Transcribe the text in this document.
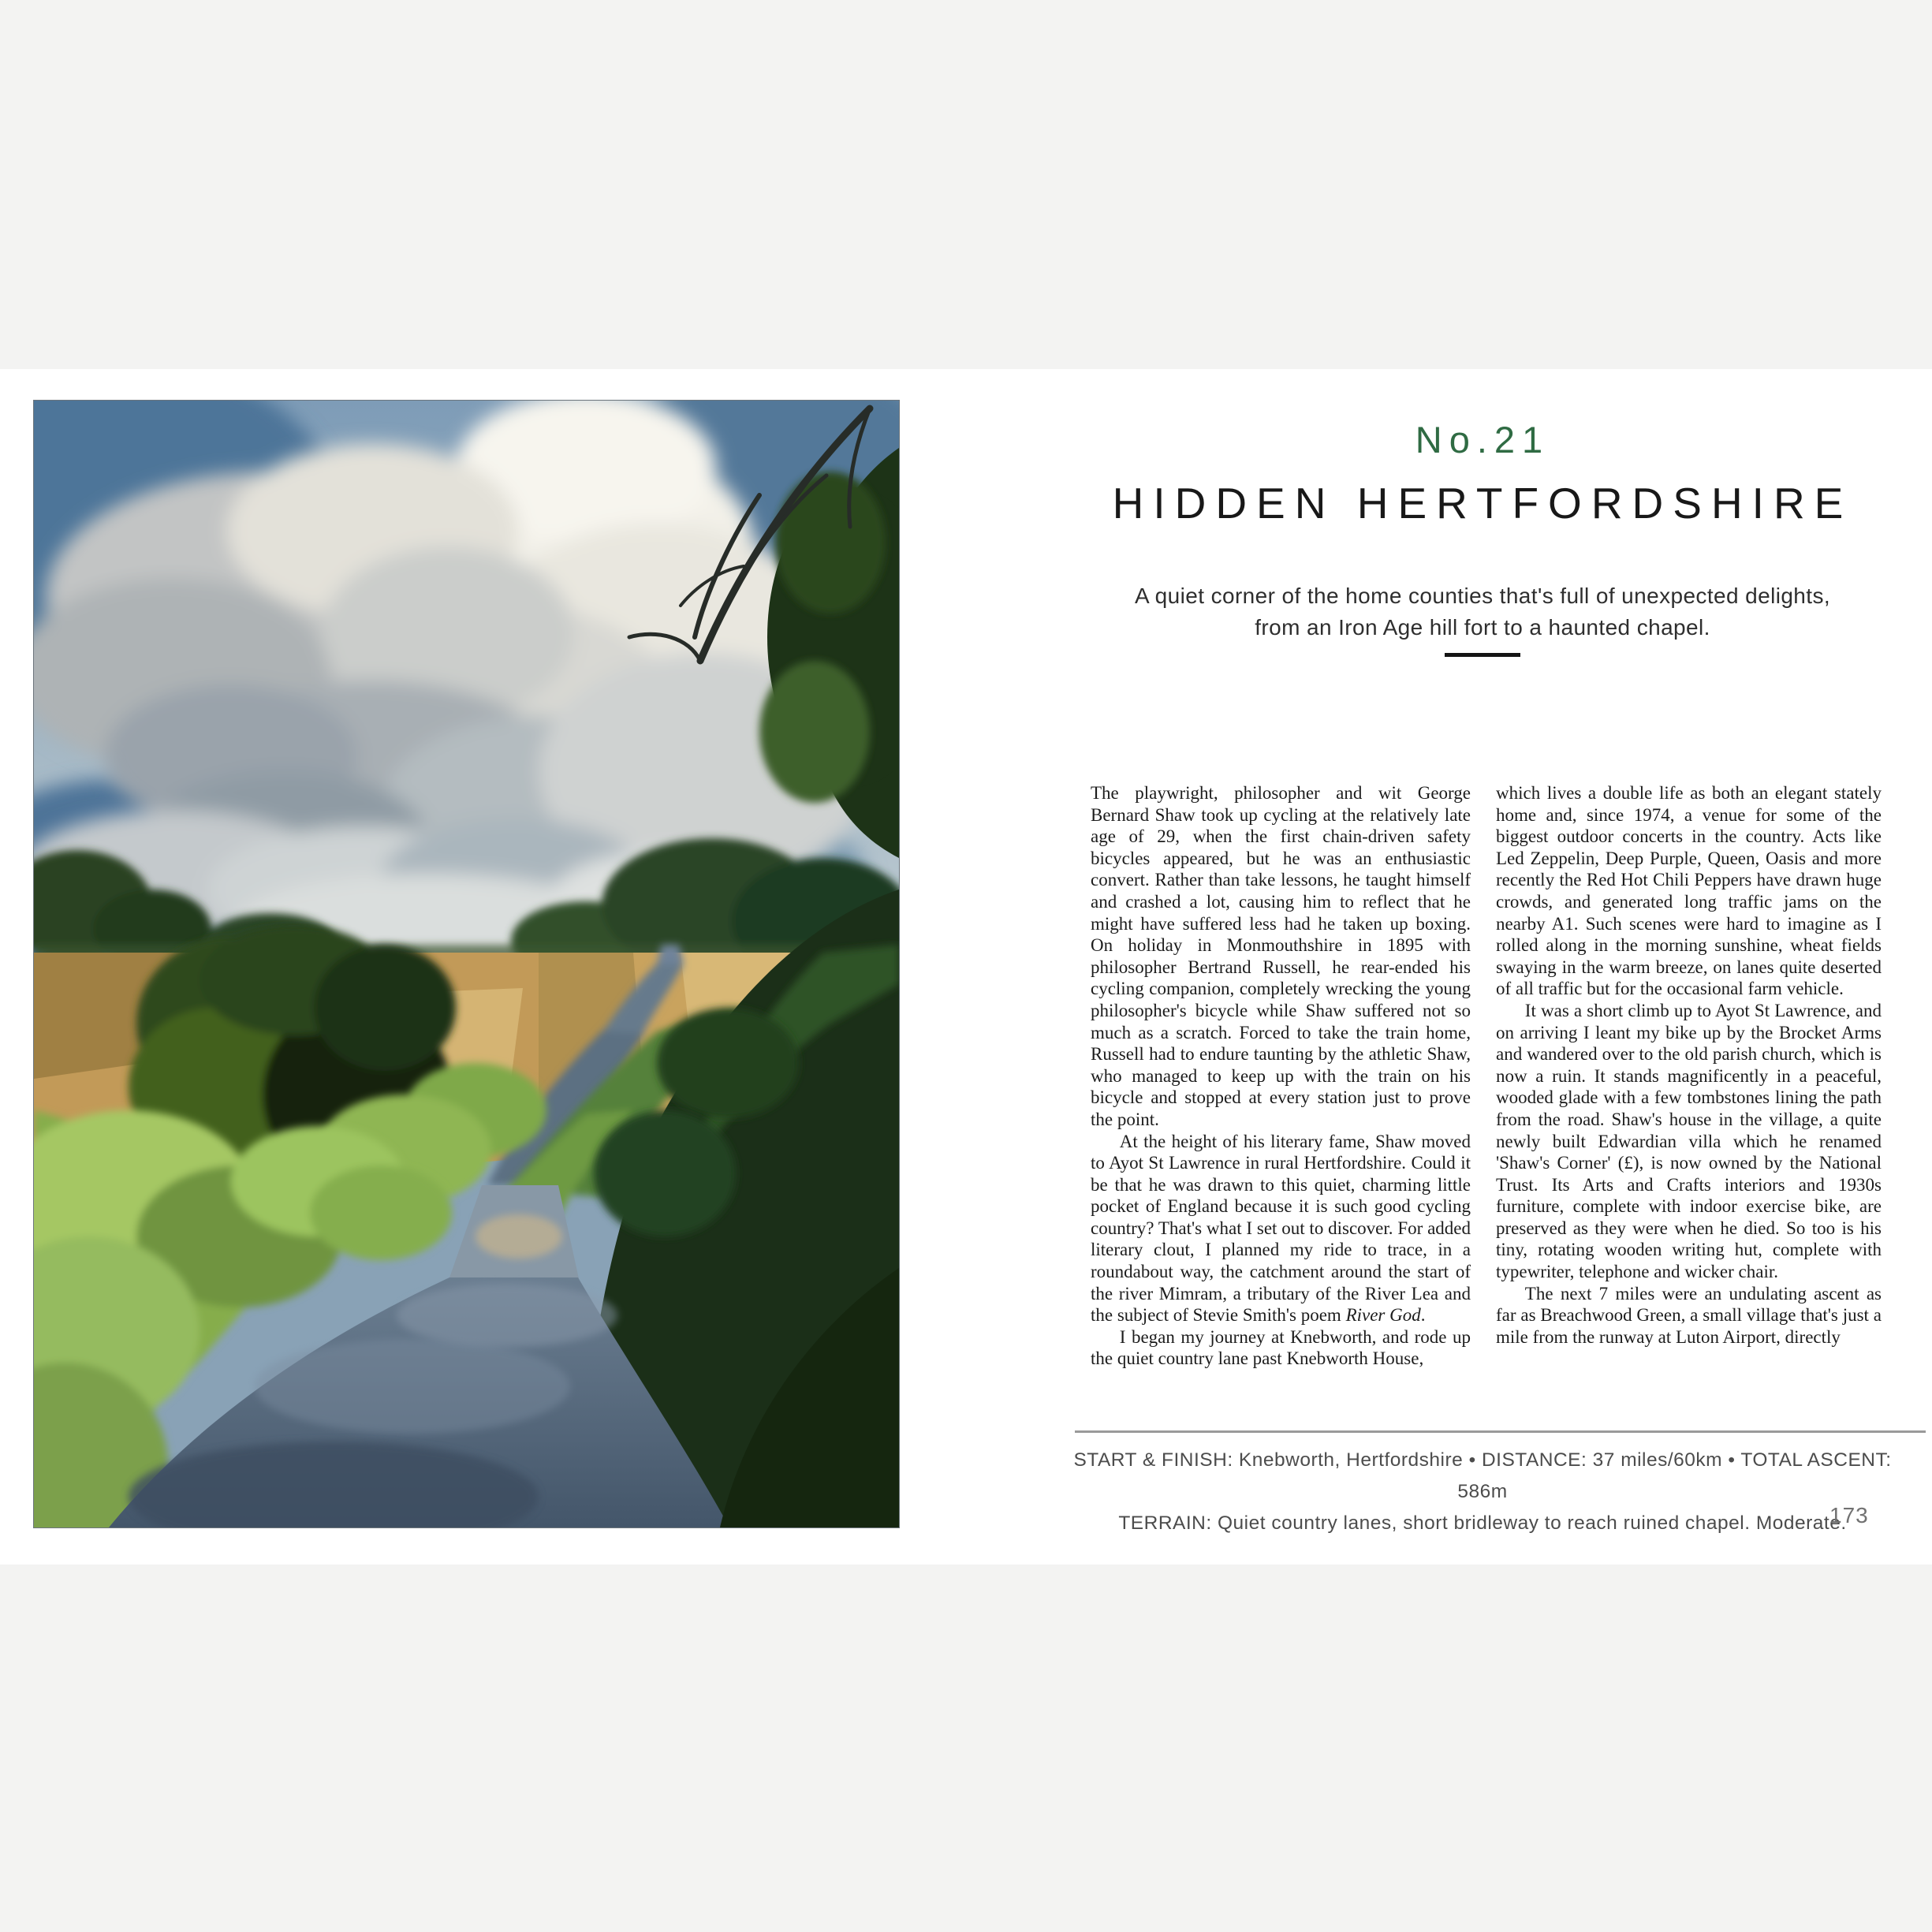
No.21
HIDDEN HERTFORDSHIRE
A quiet corner of the home counties that's full of unexpected delights,
from an Iron Age hill fort to a haunted chapel.

The playwright, philosopher and wit George Bernard Shaw took up cycling at the relatively late age of 29, when the first chain-driven safety bicycles appeared, but he was an enthusiastic convert. Rather than take lessons, he taught himself and crashed a lot, causing him to reflect that he might have suffered less had he taken up boxing. On holiday in Monmouthshire in 1895 with philosopher Bertrand Russell, he rear-ended his cycling companion, completely wrecking the young philosopher's bicycle while Shaw suffered not so much as a scratch. Forced to take the train home, Russell had to endure taunting by the athletic Shaw, who managed to keep up with the train on his bicycle and stopped at every station just to prove the point.

At the height of his literary fame, Shaw moved to Ayot St Lawrence in rural Hertfordshire. Could it be that he was drawn to this quiet, charming little pocket of England because it is such good cycling country? That's what I set out to discover. For added literary clout, I planned my ride to trace, in a roundabout way, the catchment around the start of the river Mimram, a tributary of the River Lea and the subject of Stevie Smith's poem River God.

I began my journey at Knebworth, and rode up the quiet country lane past Knebworth House,

which lives a double life as both an elegant stately home and, since 1974, a venue for some of the biggest outdoor concerts in the country. Acts like Led Zeppelin, Deep Purple, Queen, Oasis and more recently the Red Hot Chili Peppers have drawn huge crowds, and generated long traffic jams on the nearby A1. Such scenes were hard to imagine as I rolled along in the morning sunshine, wheat fields swaying in the warm breeze, on lanes quite deserted of all traffic but for the occasional farm vehicle.

It was a short climb up to Ayot St Lawrence, and on arriving I leant my bike up by the Brocket Arms and wandered over to the old parish church, which is now a ruin. It stands magnificently in a peaceful, wooded glade with a few tombstones lining the path from the road. Shaw's house in the village, a quite newly built Edwardian villa which he renamed 'Shaw's Corner' (£), is now owned by the National Trust. Its Arts and Crafts interiors and 1930s furniture, complete with indoor exercise bike, are preserved as they were when he died. So too is his tiny, rotating wooden writing hut, complete with typewriter, telephone and wicker chair.

The next 7 miles were an undulating ascent as far as Breachwood Green, a small village that's just a mile from the runway at Luton Airport, directly

START & FINISH: Knebworth, Hertfordshire • DISTANCE: 37 miles/60km • TOTAL ASCENT: 586m
TERRAIN: Quiet country lanes, short bridleway to reach ruined chapel. Moderate.
173
